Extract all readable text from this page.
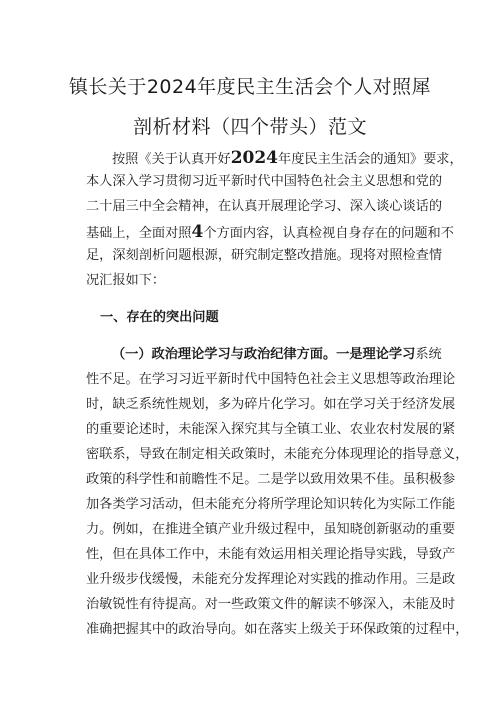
镇长关于2024年度民主生活会个人对照犀
剖析材料（四个带头）范文
按照《关于认真开好2024年度民主生活会的通知》要求，
本人深入学习贯彻习近平新时代中国特色社会主义思想和党的
二十届三中全会精神，在认真开展理论学习、深入谈心谈话的
基础上，全面对照4个方面内容，认真检视自身存在的问题和不
足，深刻剖析问题根源，研究制定整改措施。现将对照检查情
况汇报如下：
一、存在的突出问题
（一）政治理论学习与政治纪律方面。一是理论学习系统
性不足。在学习习近平新时代中国特色社会主义思想等政治理论
时，缺乏系统性规划，多为碎片化学习。如在学习关于经济发展
的重要论述时，未能深入探究其与全镇工业、农业农村发展的紧
密联系，导致在制定相关政策时，未能充分体现理论的指导意义，
政策的科学性和前瞻性不足。二是学以致用效果不佳。虽积极参
加各类学习活动，但未能充分将所学理论知识转化为实际工作能
力。例如，在推进全镇产业升级过程中，虽知晓创新驱动的重要
性，但在具体工作中，未能有效运用相关理论指导实践，导致产
业升级步伐缓慢，未能充分发挥理论对实践的推动作用。三是政
治敏锐性有待提高。对一些政策文件的解读不够深入，未能及时
准确把握其中的政治导向。如在落实上级关于环保政策的过程中，
